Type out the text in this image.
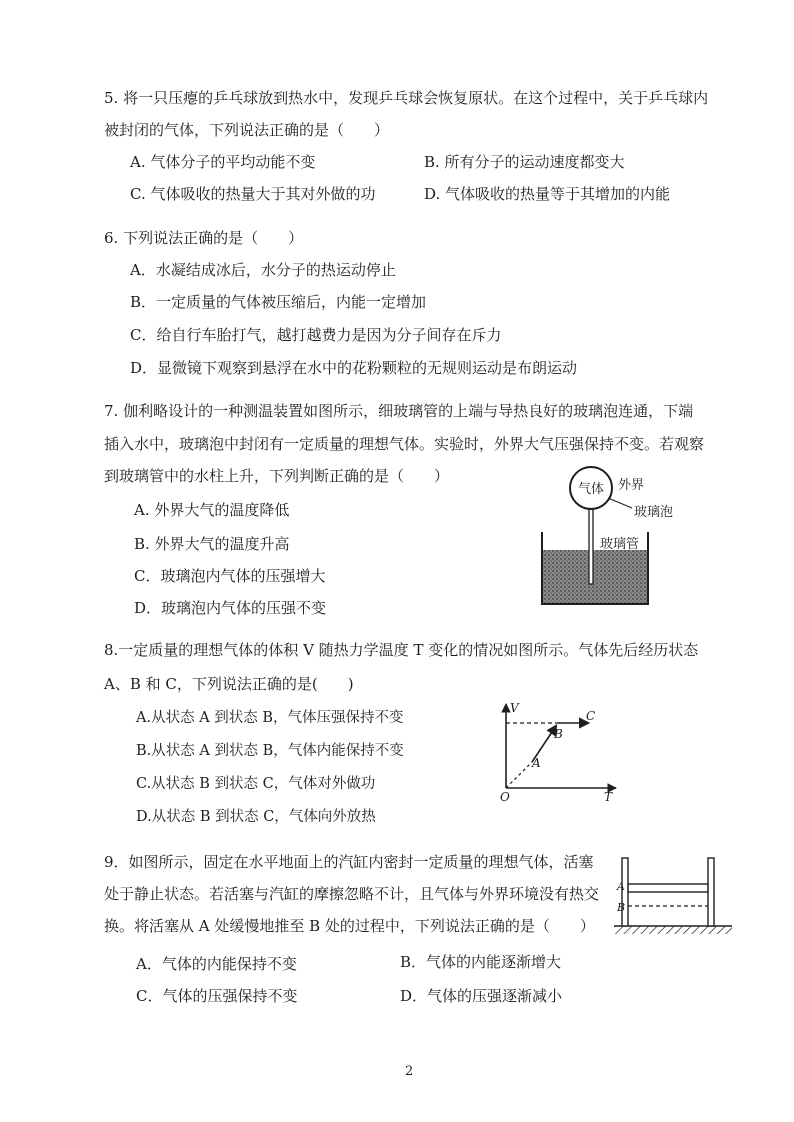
5. 将一只压瘪的乒乓球放到热水中，发现乒乓球会恢复原状。在这个过程中，关于乒乓球内
被封闭的气体，下列说法正确的是（　　）
A. 气体分子的平均动能不变	B. 所有分子的运动速度都变大
C. 气体吸收的热量大于其对外做的功	D. 气体吸收的热量等于其增加的内能
6. 下列说法正确的是（　　）
A．水凝结成冰后，水分子的热运动停止
B．一定质量的气体被压缩后，内能一定增加
C．给自行车胎打气，越打越费力是因为分子间存在斥力
D．显微镜下观察到悬浮在水中的花粉颗粒的无规则运动是布朗运动
7. 伽利略设计的一种测温装置如图所示，细玻璃管的上端与导热良好的玻璃泡连通，下端
插入水中，玻璃泡中封闭有一定质量的理想气体。实验时，外界大气压强保持不变。若观察
到玻璃管中的水柱上升，下列判断正确的是（　　）
A. 外界大气的温度降低
B. 外界大气的温度升高
C．玻璃泡内气体的压强增大
D．玻璃泡内气体的压强不变
气体 外界
玻璃泡
玻璃管
8.一定质量的理想气体的体积 V 随热力学温度 T 变化的情况如图所示。气体先后经历状态
A、B 和 C，下列说法正确的是(　　)
A.从状态 A 到状态 B，气体压强保持不变
B.从状态 A 到状态 B，气体内能保持不变
C.从状态 B 到状态 C，气体对外做功
D.从状态 B 到状态 C，气体向外放热
V
T
O
A
B
C
9．如图所示，固定在水平地面上的汽缸内密封一定质量的理想气体，活塞
处于静止状态。若活塞与汽缸的摩擦忽略不计，且气体与外界环境没有热交
换。将活塞从 A 处缓慢地推至 B 处的过程中，下列说法正确的是（　　）
A．气体的内能保持不变	B．气体的内能逐渐增大
C．气体的压强保持不变	D．气体的压强逐渐减小
A
B
2
